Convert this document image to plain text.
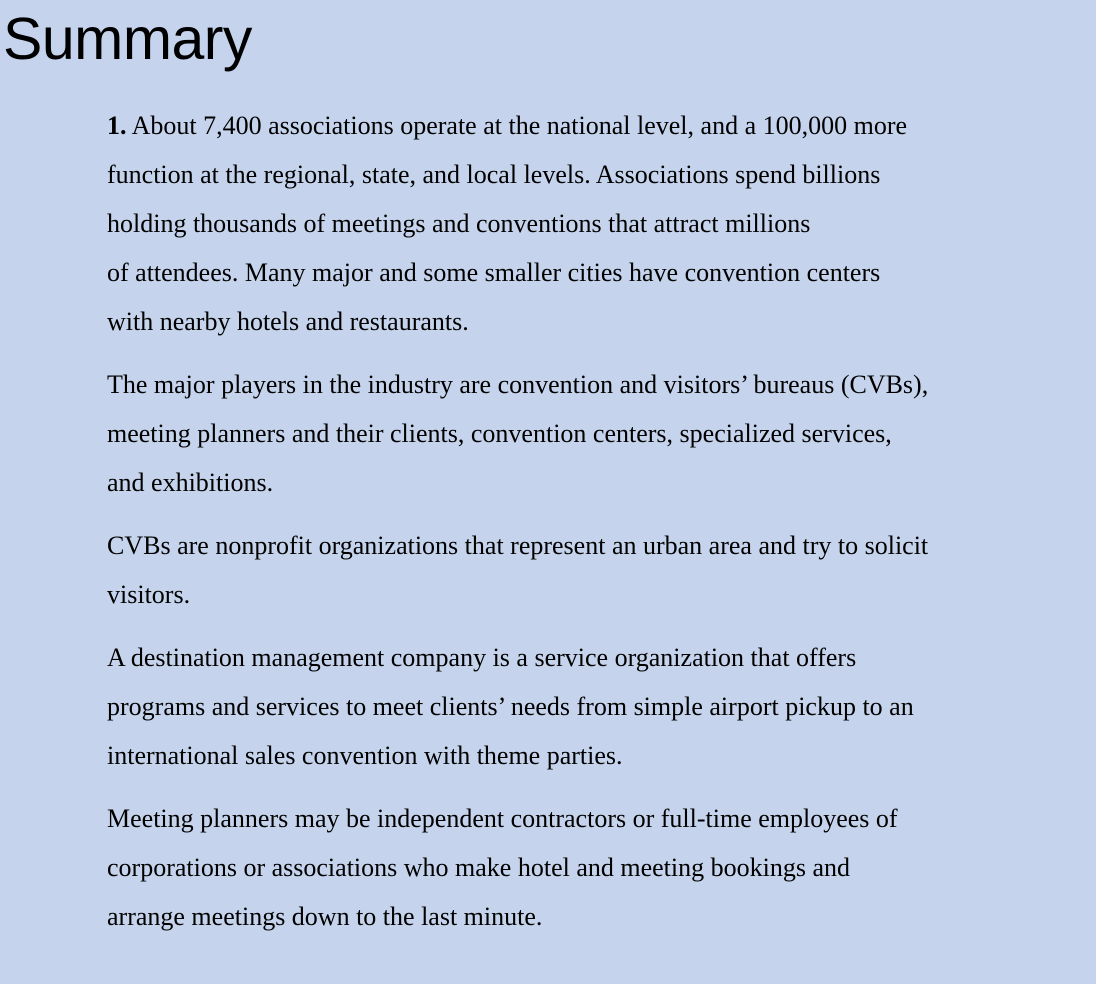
Summary

1. About 7,400 associations operate at the national level, and a 100,000 more
function at the regional, state, and local levels. Associations spend billions
holding thousands of meetings and conventions that attract millions
of attendees. Many major and some smaller cities have convention centers
with nearby hotels and restaurants.

The major players in the industry are convention and visitors’ bureaus (CVBs),
meeting planners and their clients, convention centers, specialized services,
and exhibitions.

CVBs are nonprofit organizations that represent an urban area and try to solicit
visitors.

A destination management company is a service organization that offers
programs and services to meet clients’ needs from simple airport pickup to an
international sales convention with theme parties.

Meeting planners may be independent contractors or full-time employees of
corporations or associations who make hotel and meeting bookings and
arrange meetings down to the last minute.
